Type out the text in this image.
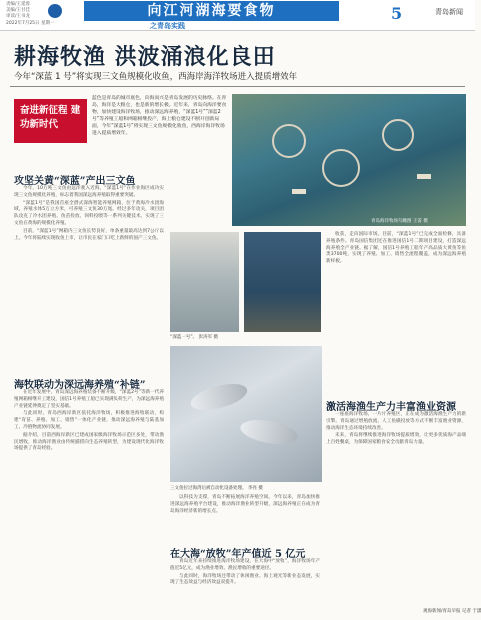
责编/王延蓉
美编/王甘佳
审读/王书龙
2022年7月25日 星期一
向江河湖海要食物
之青岛实践
5	青岛新闻
耕海牧渔 洪波涌浪化良田
今年“深蓝 1 号”将实现三文鱼规模化收鱼，西海岸海洋牧场进入提质增效年
奋进新征程 建功新时代
蓝色是青岛的城市底色，向海而兴是青岛发展的历史脉络。在青岛，海洋是大粮仓，也是新的增长极。近年来，青岛向海洋要食物，加快建设海洋牧场，推动深远海养殖，“深蓝1号”“深蓝2号”等养殖工船和网箱相继投产，海上粮仓建设不断开创新局面，今年“深蓝1号”将实现三文鱼规模化收鱼，西海岸海洋牧场进入提质增效年。
青岛海洋牧场鸟瞰图 王雷 摄
攻坚关黄“深蓝”产出三文鱼

今年，10万吨三文鱼由远洋驶入近海，“深蓝1号”在作业海区成功实现三文鱼规模化养殖，标志着我国深远海养殖取得重要突破。

“深蓝1号”是我国首座全潜式深海智能养殖网箱，位于黄海冷水团海域，养殖水体5万立方米，可养殖三文鱼30万尾。经过多年攻关，项目团队攻克了冷水团养殖、鱼苗投放、饲料投喂等一系列关键技术，实现了三文鱼在黄海的规模化养殖。

目前，“深蓝1号”网箱内三文鱼长势良好，单条重量最高达到7公斤以上。今年将陆续实现收鱼上市，让市民在家门口吃上新鲜的国产三文鱼。

海牧联动为深远海养殖“补链”

在近年发展中，青岛深远海养殖装备不断升级，“深蓝2号”等新一代养殖网箱相继开工建设，国信1号养殖工船已实现满负荷生产，为深远海养殖产业链延伸奠定了坚实基础。

与此同时，青岛西海岸新区依托海洋牧场，积极推进海牧联动，构建“育苗、养殖、加工、销售”一体化产业链，推动深远海养殖与陆基加工、冷链物流协同发展。

据介绍，目前西海岸新区已建成国家级海洋牧场示范区多处，带动渔民增收，推动海洋渔业由传统捕捞向生态养殖转型，为建设现代化海洋牧场提供了青岛经验。

“深蓝一号”。 彭涛军 摄
三文鱼拉过海湾后被自动化设备处理。 李亮 摄

以科技为支撑，青岛不断拓展海洋养殖空间。今年以来，青岛加快推进深远海养殖平台建设，推动海洋渔业转型升级，深远海养殖正在成为青岛海洋经济新的增长点。

在大海“放牧”年产值近 5 亿元

青岛近年来持续推进海洋牧场建设，在大海中“放牧”，海洋牧场年产值近5亿元，成为渔业增效、渔民增收的重要途径。

与此同时，海洋牧场还带动了休闲渔业、海上观光等新业态发展，实现了生态效益与经济效益双提升。

收获，走向国际市场。目前，“深蓝1号”已完成全面检修，具备养殖条件。青岛国信集团还在推进国信1号二期项目建设，打造深远海养殖全产业链。据了解，国信1号养殖工船年产高品质大黄鱼等鱼类3700吨，实现了养殖、加工、销售全流程覆盖，成为深远海养殖新样板。

激活海渔生产力丰富渔业资源

一座座海洋牧场，一片片养殖区，正在成为激活海渔生产力的新引擎。青岛通过增殖放流、人工鱼礁投放等方式不断丰富渔业资源，推动海洋生态环境持续改善。

未来，青岛将继续推进海洋牧场提质增效，让更多优质海产品端上百姓餐桌，为保障国家粮食安全贡献青岛力量。

观海新闻/青岛早报 记者 于潇
